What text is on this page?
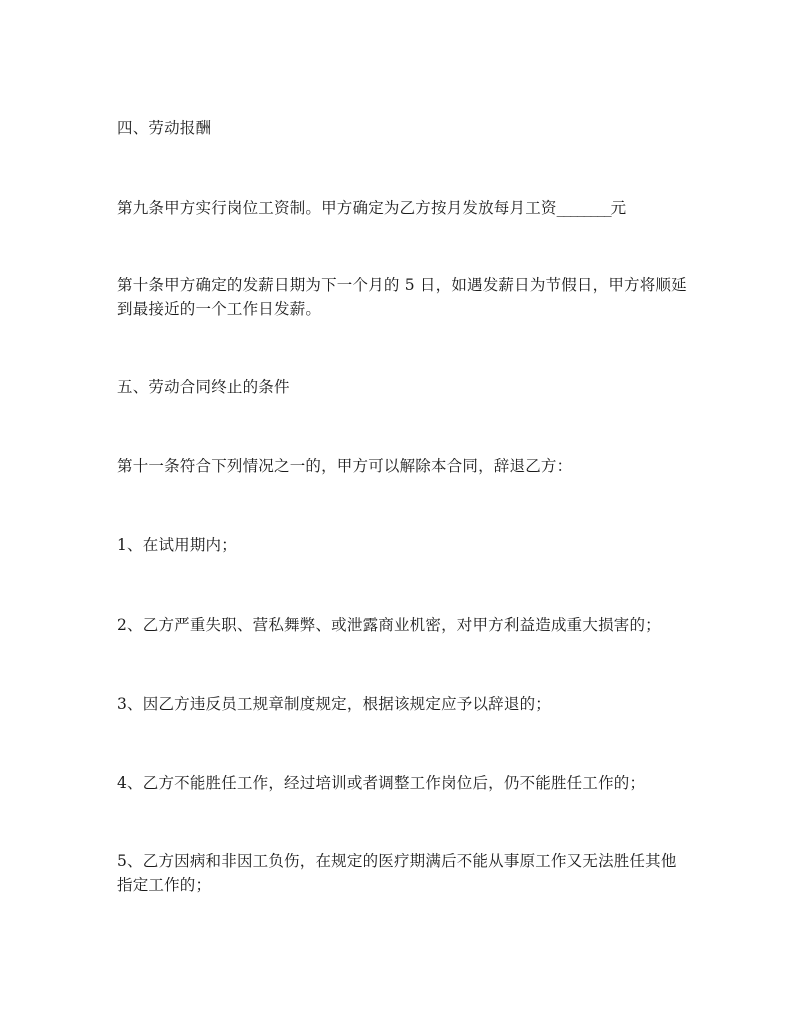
四、劳动报酬

第九条甲方实行岗位工资制。甲方确定为乙方按月发放每月工资________元

第十条甲方确定的发薪日期为下一个月的 5 日，如遇发薪日为节假日，甲方将顺延
到最接近的一个工作日发薪。

五、劳动合同终止的条件

第十一条符合下列情况之一的，甲方可以解除本合同，辞退乙方：

1、在试用期内；

2、乙方严重失职、营私舞弊、或泄露商业机密，对甲方利益造成重大损害的；

3、因乙方违反员工规章制度规定，根据该规定应予以辞退的；

4、乙方不能胜任工作，经过培训或者调整工作岗位后，仍不能胜任工作的；

5、乙方因病和非因工负伤，在规定的医疗期满后不能从事原工作又无法胜任其他
指定工作的；
